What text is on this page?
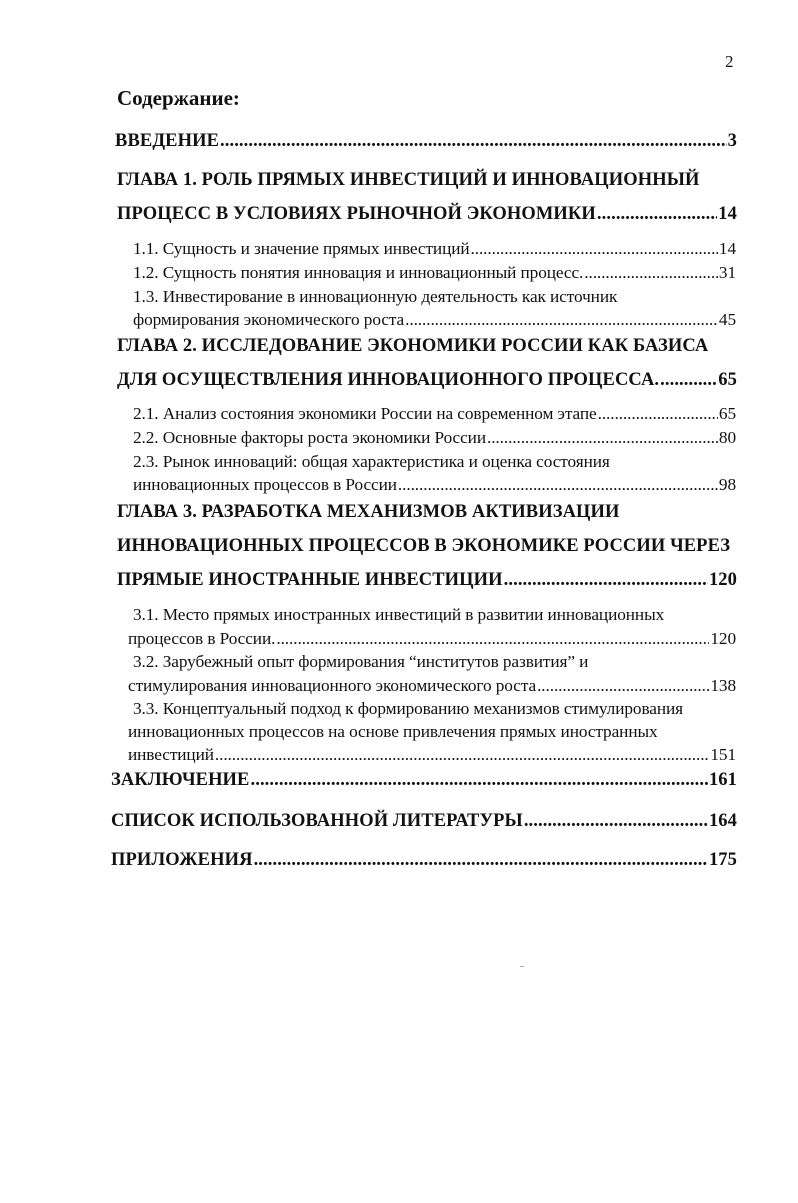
2
Содержание:
ВВЕДЕНИЕ .....	3
ГЛАВА 1. РОЛЬ ПРЯМЫХ ИНВЕСТИЦИЙ И ИННОВАЦИОННЫЙ
ПРОЦЕСС В УСЛОВИЯХ РЫНОЧНОЙ ЭКОНОМИКИ .....	14
1.1. Сущность и значение прямых инвестиций .....	14
1.2. Сущность понятия инновация и инновационный процесс. .....	31
1.3. Инвестирование в инновационную деятельность как источник
формирования экономического роста .....	45
ГЛАВА 2. ИССЛЕДОВАНИЕ ЭКОНОМИКИ РОССИИ КАК БАЗИСА
ДЛЯ ОСУЩЕСТВЛЕНИЯ ИННОВАЦИОННОГО ПРОЦЕССА. .....	65
2.1. Анализ состояния экономики России на современном этапе .....	65
2.2. Основные факторы роста экономики России .....	80
2.3. Рынок инноваций: общая характеристика и оценка состояния
инновационных процессов в России .....	98
ГЛАВА 3. РАЗРАБОТКА МЕХАНИЗМОВ АКТИВИЗАЦИИ
ИННОВАЦИОННЫХ ПРОЦЕССОВ В ЭКОНОМИКЕ РОССИИ ЧЕРЕЗ
ПРЯМЫЕ ИНОСТРАННЫЕ ИНВЕСТИЦИИ .....	120
3.1. Место прямых иностранных инвестиций в развитии инновационных
процессов в России. .....	120
3.2. Зарубежный опыт формирования “институтов развития” и
стимулирования инновационного экономического роста .....	138
3.3. Концептуальный подход к формированию механизмов стимулирования
инновационных процессов на основе привлечения прямых иностранных
инвестиций .....	151
ЗАКЛЮЧЕНИЕ .....	161
СПИСОК ИСПОЛЬЗОВАННОЙ ЛИТЕРАТУРЫ .....	164
ПРИЛОЖЕНИЯ .....	175
